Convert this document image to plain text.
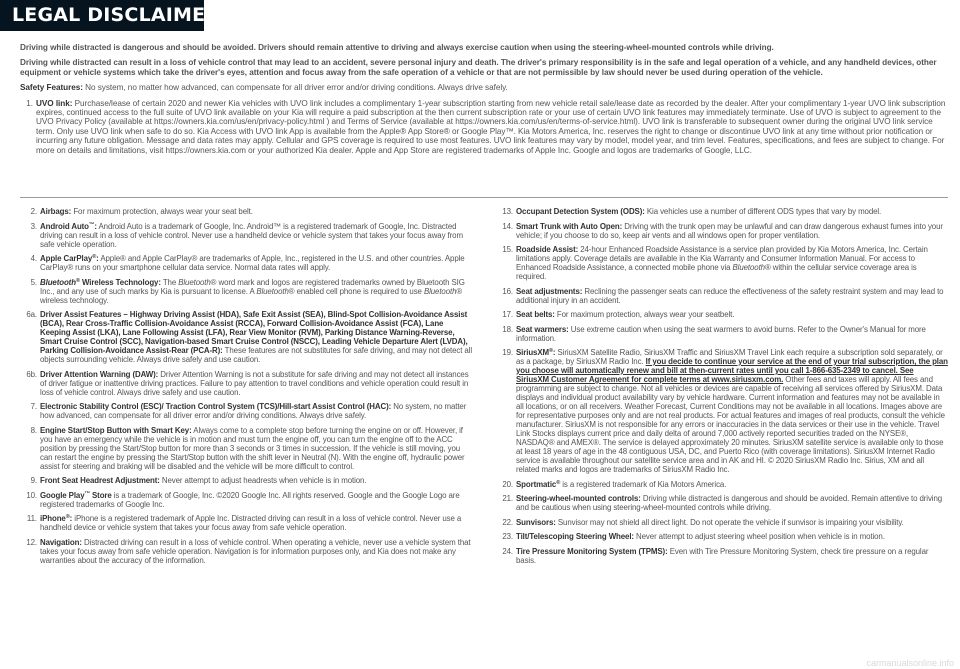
LEGAL DISCLAIMERS

Driving while distracted is dangerous and should be avoided. Drivers should remain attentive to driving and always exercise caution when using the steering-wheel-mounted controls while driving.

Driving while distracted can result in a loss of vehicle control that may lead to an accident, severe personal injury and death. The driver's primary responsibility is in the safe and legal operation of a vehicle, and any handheld devices, other equipment or vehicle systems which take the driver's eyes, attention and focus away from the safe operation of a vehicle or that are not permissible by law should never be used during operation of the vehicle.

Safety Features: No system, no matter how advanced, can compensate for all driver error and/or driving conditions. Always drive safely.
1. UVO link: Purchase/lease of certain 2020 and newer Kia vehicles with UVO link includes a complimentary 1-year subscription starting from new vehicle retail sale/lease date as recorded by the dealer. After your complimentary 1-year UVO link subscription expires, continued access to the full suite of UVO link available on your Kia will require a paid subscription at the then current subscription rate or your use of certain UVO link features may immediately terminate. Use of UVO is subject to agreement to the UVO Privacy Policy (available at https://owners.kia.com/us/en/privacy-policy.html ) and Terms of Service (available at https://owners.kia.com/us/en/terms-of-service.html). UVO link is transferable to subsequent owner during the original UVO link service term. Only use UVO link when safe to do so. Kia Access with UVO link App is available from the Apple® App Store® or Google Play™. Kia Motors America, Inc. reserves the right to change or discontinue UVO link at any time without prior notification or incurring any future obligation. Message and data rates may apply. Cellular and GPS coverage is required to use most features. UVO link features may vary by model, model year, and trim level. Features, specifications, and fees are subject to change. For more on details and limitations, visit https://owners.kia.com or your authorized Kia dealer. Apple and App Store are registered trademarks of Apple Inc. Google and logos are trademarks of Google, LLC.
2. Airbags: For maximum protection, always wear your seat belt.
3. Android Auto™: Android Auto is a trademark of Google, Inc. Android™ is a registered trademark of Google, Inc. Distracted driving can result in a loss of vehicle control. Never use a handheld device or vehicle system that takes your focus away from safe vehicle operation.
4. Apple CarPlay®: Apple® and Apple CarPlay® are trademarks of Apple, Inc., registered in the U.S. and other countries. Apple CarPlay® runs on your smartphone cellular data service. Normal data rates will apply.
5. Bluetooth® Wireless Technology: The Bluetooth® word mark and logos are registered trademarks owned by Bluetooth SIG Inc., and any use of such marks by Kia is pursuant to license. A Bluetooth® enabled cell phone is required to use Bluetooth® wireless technology.
6a. Driver Assist Features – Highway Driving Assist (HDA), Safe Exit Assist (SEA), Blind-Spot Collision-Avoidance Assist (BCA), Rear Cross-Traffic Collision-Avoidance Assist (RCCA), Forward Collision-Avoidance Assist (FCA), Lane Keeping Assist (LKA), Lane Following Assist (LFA), Rear View Monitor (RVM), Parking Distance Warning-Reverse, Smart Cruise Control (SCC), Navigation-based Smart Cruise Control (NSCC), Leading Vehicle Departure Alert (LVDA), Parking Collision-Avoidance Assist-Rear (PCA-R): These features are not substitutes for safe driving, and may not detect all objects surrounding vehicle. Always drive safely and use caution.
6b. Driver Attention Warning (DAW): Driver Attention Warning is not a substitute for safe driving and may not detect all instances of driver fatigue or inattentive driving practices. Failure to pay attention to travel conditions and vehicle operation could result in loss of vehicle control. Always drive safely and use caution.
7. Electronic Stability Control (ESC)/ Traction Control System (TCS)/Hill-start Assist Control (HAC): No system, no matter how advanced, can compensate for all driver error and/or driving conditions. Always drive safely.
8. Engine Start/Stop Button with Smart Key: Always come to a complete stop before turning the engine on or off. However, if you have an emergency while the vehicle is in motion and must turn the engine off, you can turn the engine off to the ACC position by pressing the Start/Stop button for more than 3 seconds or 3 times in succession. If the vehicle is still moving, you can restart the engine by pressing the Start/Stop button with the shift lever in Neutral (N). With the engine off, hydraulic power assist for steering and braking will be disabled and the vehicle will be more difficult to control.
9. Front Seat Headrest Adjustment: Never attempt to adjust headrests when vehicle is in motion.
10. Google Play™ Store is a trademark of Google, Inc. ©2020 Google Inc. All rights reserved. Google and the Google Logo are registered trademarks of Google Inc.
11. iPhone®: iPhone is a registered trademark of Apple Inc. Distracted driving can result in a loss of vehicle control. Never use a handheld device or vehicle system that takes your focus away from safe vehicle operation.
12. Navigation: Distracted driving can result in a loss of vehicle control. When operating a vehicle, never use a vehicle system that takes your focus away from safe vehicle operation. Navigation is for information purposes only, and Kia does not make any warranties about the accuracy of the information.
13. Occupant Detection System (ODS): Kia vehicles use a number of different ODS types that vary by model.
14. Smart Trunk with Auto Open: Driving with the trunk open may be unlawful and can draw dangerous exhaust fumes into your vehicle; if you choose to do so, keep air vents and all windows open for proper ventilation.
15. Roadside Assist: 24-hour Enhanced Roadside Assistance is a service plan provided by Kia Motors America, Inc. Certain limitations apply. Coverage details are available in the Kia Warranty and Consumer Information Manual. For access to Enhanced Roadside Assistance, a connected mobile phone via Bluetooth® within the cellular service coverage area is required.
16. Seat adjustments: Reclining the passenger seats can reduce the effectiveness of the safety restraint system and may lead to additional injury in an accident.
17. Seat belts: For maximum protection, always wear your seatbelt.
18. Seat warmers: Use extreme caution when using the seat warmers to avoid burns. Refer to the Owner's Manual for more information.
19. SiriusXM®: SiriusXM Satellite Radio, SiriusXM Traffic and SiriusXM Travel Link each require a subscription sold separately, or as a package, by SiriusXM Radio Inc. If you decide to continue your service at the end of your trial subscription, the plan you choose will automatically renew and bill at then-current rates until you call 1-866-635-2349 to cancel. See SiriusXM Customer Agreement for complete terms at www.siriusxm.com. Other fees and taxes will apply. All fees and programming are subject to change. Not all vehicles or devices are capable of receiving all services offered by SiriusXM. Data displays and individual product availability vary by vehicle hardware. Current information and features may not be available in all locations, or on all receivers. Weather Forecast, Current Conditions may not be available in all locations. Images above are for representative purposes only and are not real products. For actual features and images of real products, consult the vehicle manufacturer. SiriusXM is not responsible for any errors or inaccuracies in the data services or their use in the vehicle. Travel Link Stocks displays current price and daily delta of around 7,000 actively reported securities traded on the NYSE®, NASDAQ® and AMEX®. The service is delayed approximately 20 minutes. SiriusXM satellite service is available only to those at least 18 years of age in the 48 contiguous USA, DC, and Puerto Rico (with coverage limitations). SiriusXM Internet Radio service is available throughout our satellite service area and in AK and HI. © 2020 SiriusXM Radio Inc. Sirius, XM and all related marks and logos are trademarks of SiriusXM Radio Inc.
20. Sportmatic® is a registered trademark of Kia Motors America.
21. Steering-wheel-mounted controls: Driving while distracted is dangerous and should be avoided. Remain attentive to driving and be cautious when using steering-wheel-mounted controls while driving.
22. Sunvisors: Sunvisor may not shield all direct light. Do not operate the vehicle if sunvisor is impairing your visibility.
23. Tilt/Telescoping Steering Wheel: Never attempt to adjust steering wheel position when vehicle is in motion.
24. Tire Pressure Monitoring System (TPMS): Even with Tire Pressure Monitoring System, check tire pressure on a regular basis.
carmanualsonline.info
